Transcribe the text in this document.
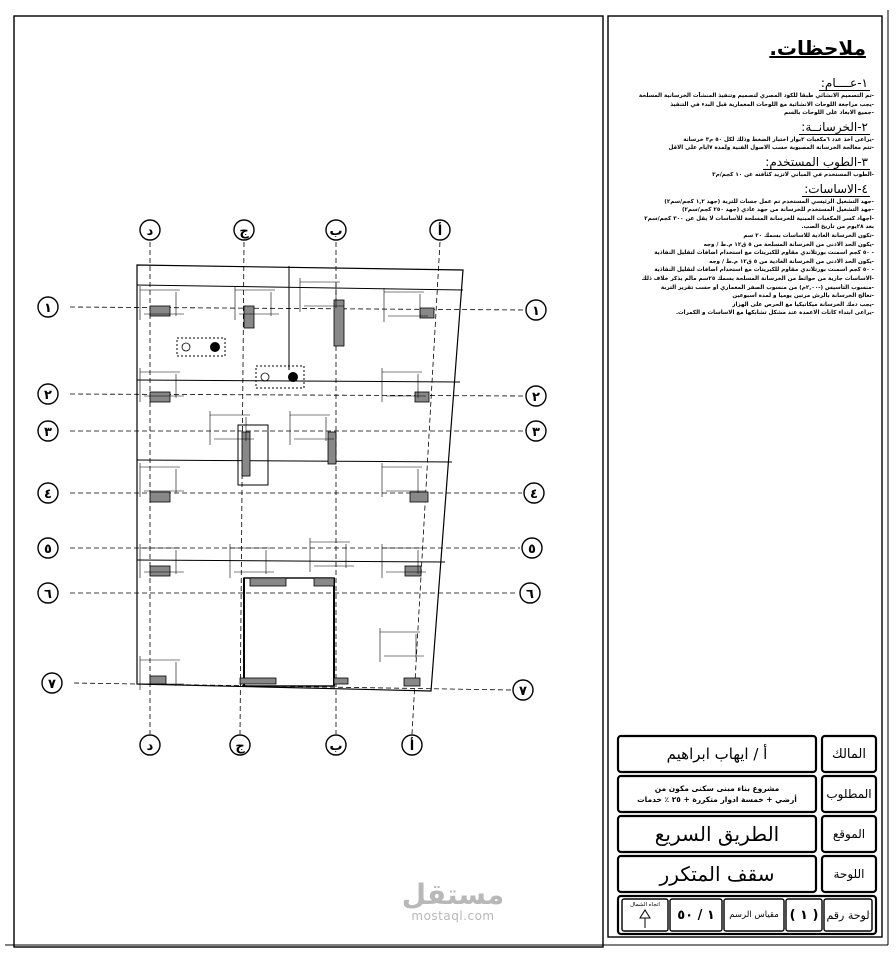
د
د
ج
ج
ب
ب
أ
أ
١	١
٢	٢
٣	٣
٤	٤
٥	٥
٦	٦
٧	٧
ملاحظات.
١-عــــام:
-تم التصميم الانشائي طبقا للكود المصري لتصميم وتنفيذ المنشآت الخرسانية المسلحة
-يجب مراجعة اللوحات الانشائية مع اللوحات المعمارية قبل البدء في التنفيذ
-جميع الابعاد على اللوحات بالسم
٢-الخرسانــة:
-يراعى أخذ عدد ٦مكعبات ٢بوار اختبار الضغط وذلك لكل ٥٠ م٣ خرسانة
-تتم معالجة الخرسانة المصبوبة حسب الاصول الفنية ولمدة ٧ايام على الاقل
٣-الطوب المستخدم:
-الطوب المستخدم في المباني لاتزيد كثافته عن ١٠ كجم/م٣
٤-الاساسات:
-جهد التشغيل الرئيسي المستخدم تم عمل جسات للتربة (جهد ١,٢ كجم/سم٢)
-جهد التشغيل المستخدم للخرسانة من جهد عادي (جهد ٢٥٠ كجم/سم٢)
-اجهاد كسر المكعبات المبنية للخرسانة المسلحة للأساسات لا يقل عن ٣٠٠ كجم/سم٢
بعد ٢٨يوم من تاريخ الصب.
-تكون الخرسانة العادية للاساسات بسمك ٢٠ سم
-يكون الحد الادنى من الخرسانة المسلحة من ٥ ق١٢ م.ط / وجه
- ٥٠ كجم اسمنت بورتلاندي مقاوم للكبريتات مع استخدام اضافات لتقليل النفاذية
-يكون الحد الادنى من الخرسانة العادية من ٥ ق١٢ م.ط / وجه
- ٥٠ كجم اسمنت بورتلاندي مقاوم للكبريتات مع استخدام اضافات لتقليل النفاذية
-الاساسات جارية من حوائط من الخرسانة المسلحة بسمك ٢٥سم مالم يذكر خلاف ذلك
-منسوب التأسيس (-٢,٠٠م) من منسوب الصفر المعماري أو حسب تقرير التربة
-تعالج الخرسانة بالرش مرتين يوميا و لمدة أسبوعين
-يجب دمك الخرسانة ميكانيكيا مع الحرص على الهزاز
-يراعى ابتداء كانات الاعمدة عند مشكل تشابكها مع الاساسات و الكمرات.
المالك
أ / ايهاب ابراهيم
المطلوب
مشروع بناء مبنى سكنى مكون من
أرضي + خمسة ادوار متكررة + ٢٥ ٪ خدمات
الموقع
الطريق السريع
اللوحة
سقف المتكرر
لوحة رقم
( ١ )
مقياس الرسم
١ / ٥٠
اتجاه الشمال
مستقل
mostaql.com
